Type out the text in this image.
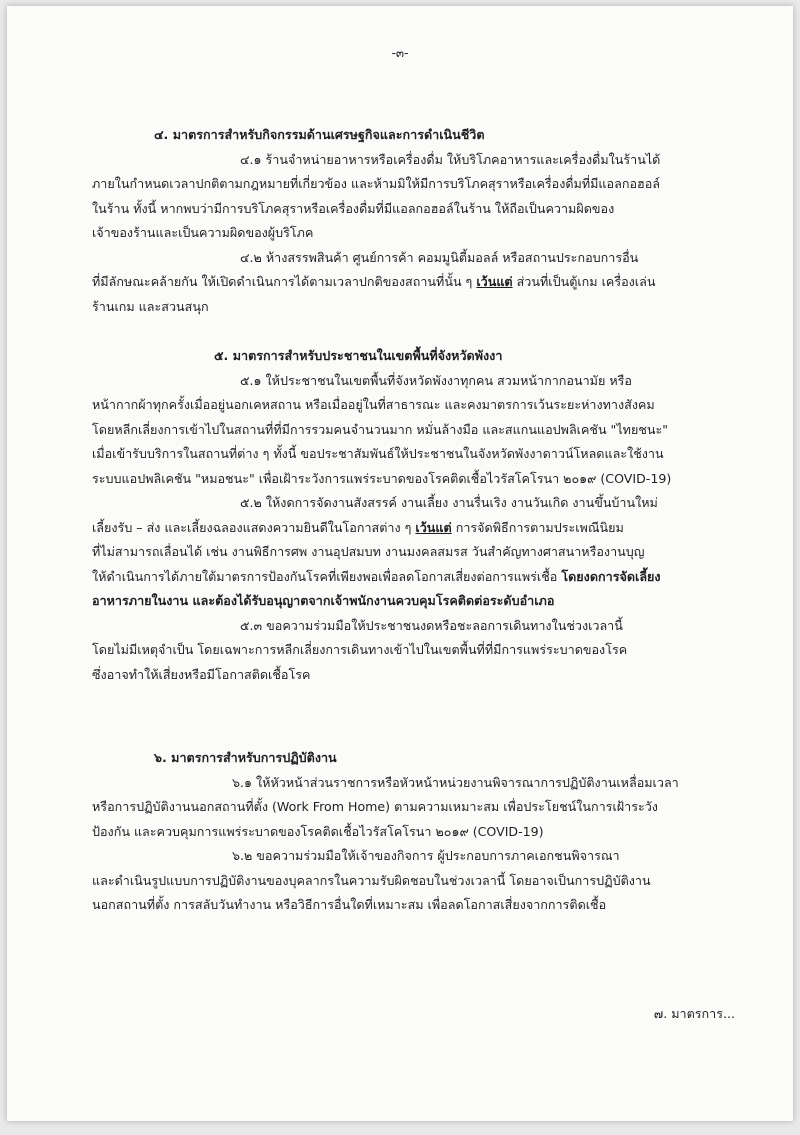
-๓-
๔. มาตรการสำหรับกิจกรรมด้านเศรษฐกิจและการดำเนินชีวิต
๔.๑ ร้านจำหน่ายอาหารหรือเครื่องดื่ม ให้บริโภคอาหารและเครื่องดื่มในร้านได้
ภายในกำหนดเวลาปกติตามกฎหมายที่เกี่ยวข้อง และห้ามมิให้มีการบริโภคสุราหรือเครื่องดื่มที่มีแอลกอฮอล์
ในร้าน ทั้งนี้ หากพบว่ามีการบริโภคสุราหรือเครื่องดื่มที่มีแอลกอฮอล์ในร้าน ให้ถือเป็นความผิดของ
เจ้าของร้านและเป็นความผิดของผู้บริโภค
๔.๒ ห้างสรรพสินค้า ศูนย์การค้า คอมมูนิตี้มอลล์ หรือสถานประกอบการอื่น
ที่มีลักษณะคล้ายกัน ให้เปิดดำเนินการได้ตามเวลาปกติของสถานที่นั้น ๆ เว้นแต่ ส่วนที่เป็นตู้เกม เครื่องเล่น
ร้านเกม และสวนสนุก
๕. มาตรการสำหรับประชาชนในเขตพื้นที่จังหวัดพังงา
๕.๑ ให้ประชาชนในเขตพื้นที่จังหวัดพังงาทุกคน สวมหน้ากากอนามัย หรือ
หน้ากากผ้าทุกครั้งเมื่ออยู่นอกเคหสถาน หรือเมื่ออยู่ในที่สาธารณะ และคงมาตรการเว้นระยะห่างทางสังคม
โดยหลีกเลี่ยงการเข้าไปในสถานที่ที่มีการรวมคนจำนวนมาก หมั่นล้างมือ และสแกนแอปพลิเคชัน "ไทยชนะ"
เมื่อเข้ารับบริการในสถานที่ต่าง ๆ ทั้งนี้ ขอประชาสัมพันธ์ให้ประชาชนในจังหวัดพังงาดาวน์โหลดและใช้งาน
ระบบแอปพลิเคชัน "หมอชนะ" เพื่อเฝ้าระวังการแพร่ระบาดของโรคติดเชื้อไวรัสโคโรนา ๒๐๑๙ (COVID-19)
๕.๒ ให้งดการจัดงานสังสรรค์ งานเลี้ยง งานรื่นเริง งานวันเกิด งานขึ้นบ้านใหม่
เลี้ยงรับ – ส่ง และเลี้ยงฉลองแสดงความยินดีในโอกาสต่าง ๆ เว้นแต่ การจัดพิธีการตามประเพณีนิยม
ที่ไม่สามารถเลื่อนได้ เช่น งานพิธีการศพ งานอุปสมบท งานมงคลสมรส วันสำคัญทางศาสนาหรืองานบุญ
ให้ดำเนินการได้ภายใต้มาตรการป้องกันโรคที่เพียงพอเพื่อลดโอกาสเสี่ยงต่อการแพร่เชื้อ โดยงดการจัดเลี้ยง
อาหารภายในงาน และต้องได้รับอนุญาตจากเจ้าพนักงานควบคุมโรคติดต่อระดับอำเภอ
๕.๓ ขอความร่วมมือให้ประชาชนงดหรือชะลอการเดินทางในช่วงเวลานี้
โดยไม่มีเหตุจำเป็น โดยเฉพาะการหลีกเลี่ยงการเดินทางเข้าไปในเขตพื้นที่ที่มีการแพร่ระบาดของโรค
ซึ่งอาจทำให้เสี่ยงหรือมีโอกาสติดเชื้อโรค
๖. มาตรการสำหรับการปฏิบัติงาน
๖.๑ ให้หัวหน้าส่วนราชการหรือหัวหน้าหน่วยงานพิจารณาการปฏิบัติงานเหลื่อมเวลา
หรือการปฏิบัติงานนอกสถานที่ตั้ง (Work From Home) ตามความเหมาะสม เพื่อประโยชน์ในการเฝ้าระวัง
ป้องกัน และควบคุมการแพร่ระบาดของโรคติดเชื้อไวรัสโคโรนา ๒๐๑๙ (COVID-19)
๖.๒ ขอความร่วมมือให้เจ้าของกิจการ ผู้ประกอบการภาคเอกชนพิจารณา
และดำเนินรูปแบบการปฏิบัติงานของบุคลากรในความรับผิดชอบในช่วงเวลานี้ โดยอาจเป็นการปฏิบัติงาน
นอกสถานที่ตั้ง การสลับวันทำงาน หรือวิธีการอื่นใดที่เหมาะสม เพื่อลดโอกาสเสี่ยงจากการติดเชื้อ
๗. มาตรการ...
